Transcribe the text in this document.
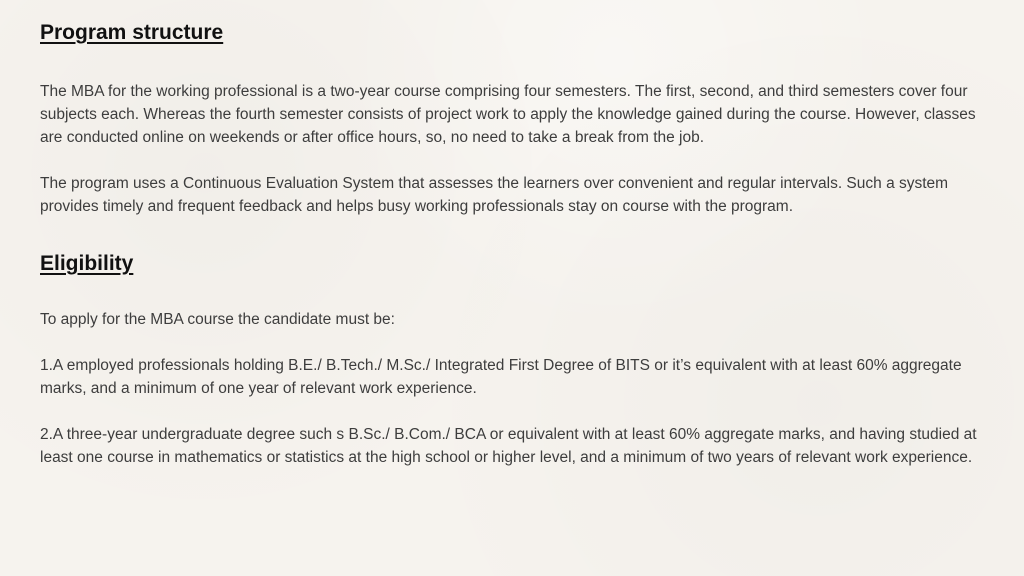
Program structure

The MBA for the working professional is a two-year course comprising four semesters. The first, second, and third semesters cover four subjects each. Whereas the fourth semester consists of project work to apply the knowledge gained during the course. However, classes are conducted online on weekends or after office hours, so, no need to take a break from the job.

The program uses a Continuous Evaluation System that assesses the learners over convenient and regular intervals. Such a system provides timely and frequent feedback and helps busy working professionals stay on course with the program.

Eligibility

To apply for the MBA course the candidate must be:

1.A employed professionals holding B.E./ B.Tech./ M.Sc./ Integrated First Degree of BITS or it’s equivalent with at least 60% aggregate marks, and a minimum of one year of relevant work experience.

2.A three-year undergraduate degree such s B.Sc./ B.Com./ BCA or equivalent with at least 60% aggregate marks, and having studied at least one course in mathematics or statistics at the high school or higher level, and a minimum of two years of relevant work experience.
